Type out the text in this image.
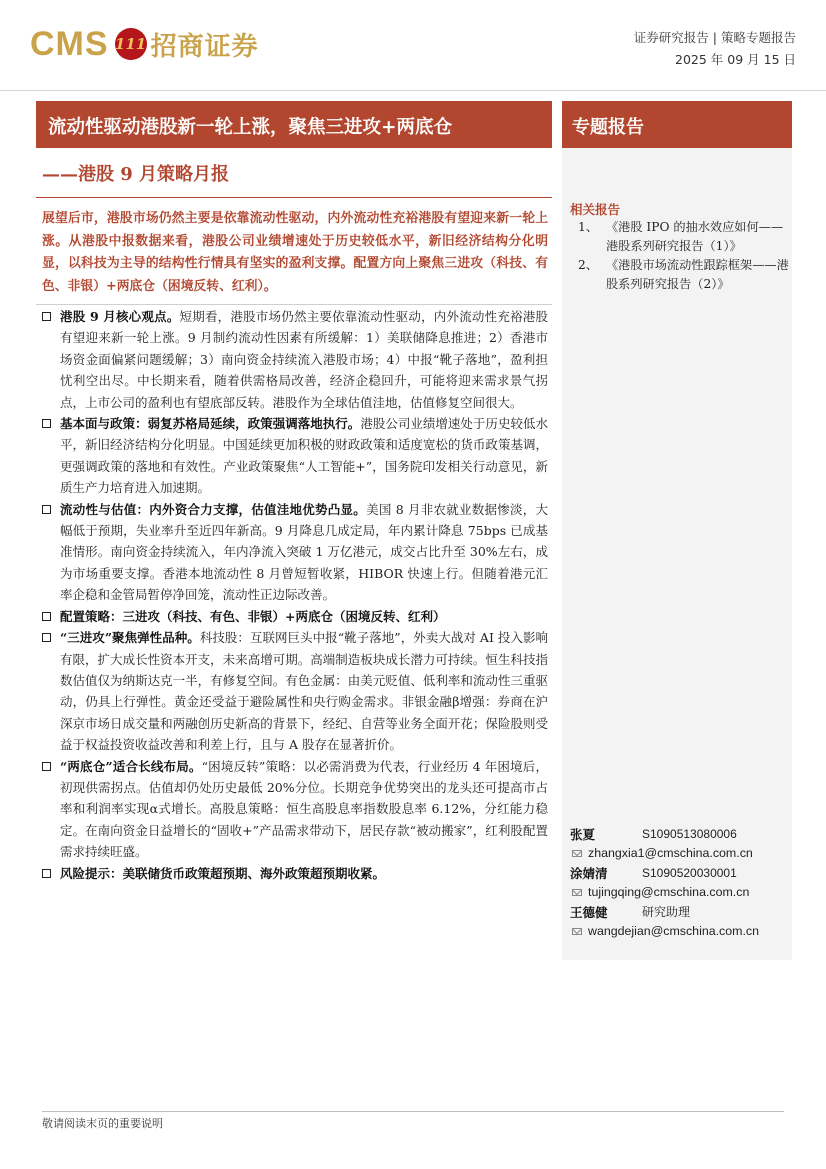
CMS 111 招商证券	证券研究报告 | 策略专题报告
2025 年 09 月 15 日
流动性驱动港股新一轮上涨，聚焦三进攻+两底仓	专题报告
——港股 9 月策略月报
展望后市，港股市场仍然主要是依靠流动性驱动，内外流动性充裕港股有望迎来新一轮上涨。从港股中报数据来看，港股公司业绩增速处于历史较低水平，新旧经济结构分化明显，以科技为主导的结构性行情具有坚实的盈利支撑。配置方向上聚焦三进攻（科技、有色、非银）+两底仓（困境反转、红利）。
港股 9 月核心观点。短期看，港股市场仍然主要依靠流动性驱动，内外流动性充裕港股有望迎来新一轮上涨。9 月制约流动性因素有所缓解：1）美联储降息推进；2）香港市场资金面偏紧问题缓解；3）南向资金持续流入港股市场；4）中报“靴子落地”，盈利担忧利空出尽。中长期来看，随着供需格局改善，经济企稳回升，可能将迎来需求景气拐点，上市公司的盈利也有望底部反转。港股作为全球估值洼地，估值修复空间很大。
基本面与政策：弱复苏格局延续，政策强调落地执行。港股公司业绩增速处于历史较低水平，新旧经济结构分化明显。中国延续更加积极的财政政策和适度宽松的货币政策基调，更强调政策的落地和有效性。产业政策聚焦“人工智能+”，国务院印发相关行动意见，新质生产力培育进入加速期。
流动性与估值：内外资合力支撑，估值洼地优势凸显。美国 8 月非农就业数据惨淡，大幅低于预期，失业率升至近四年新高。9 月降息几成定局，年内累计降息 75bps 已成基准情形。南向资金持续流入，年内净流入突破 1 万亿港元，成交占比升至 30%左右，成为市场重要支撑。香港本地流动性 8 月曾短暂收紧，HIBOR 快速上行。但随着港元汇率企稳和金管局暂停净回笼，流动性正边际改善。
配置策略：三进攻（科技、有色、非银）+两底仓（困境反转、红利）
“三进攻”聚焦弹性品种。科技股：互联网巨头中报“靴子落地”，外卖大战对 AI 投入影响有限，扩大成长性资本开支，未来高增可期。高端制造板块成长潜力可持续。恒生科技指数估值仅为纳斯达克一半，有修复空间。有色金属：由美元贬值、低利率和流动性三重驱动，仍具上行弹性。黄金还受益于避险属性和央行购金需求。非银金融β增强：券商在沪深京市场日成交量和两融创历史新高的背景下，经纪、自营等业务全面开花；保险股则受益于权益投资收益改善和利差上行，且与 A 股存在显著折价。
“两底仓”适合长线布局。“困境反转”策略：以必需消费为代表，行业经历 4 年困境后，初现供需拐点。估值却仍处历史最低 20%分位。长期竞争优势突出的龙头还可提高市占率和利润率实现α式增长。高股息策略：恒生高股息率指数股息率 6.12%，分红能力稳定。在南向资金日益增长的“固收+”产品需求带动下，居民存款“被动搬家”，红利股配置需求持续旺盛。
风险提示：美联储货币政策超预期、海外政策超预期收紧。
相关报告
1、 《港股 IPO 的抽水效应如何——港股系列研究报告（1）》
2、 《港股市场流动性跟踪框架——港股系列研究报告（2）》
张夏	S1090513080006
zhangxia1@cmschina.com.cn
涂婧清	S1090520030001
tujingqing@cmschina.com.cn
王德健	研究助理
wangdejian@cmschina.com.cn
敬请阅读末页的重要说明
